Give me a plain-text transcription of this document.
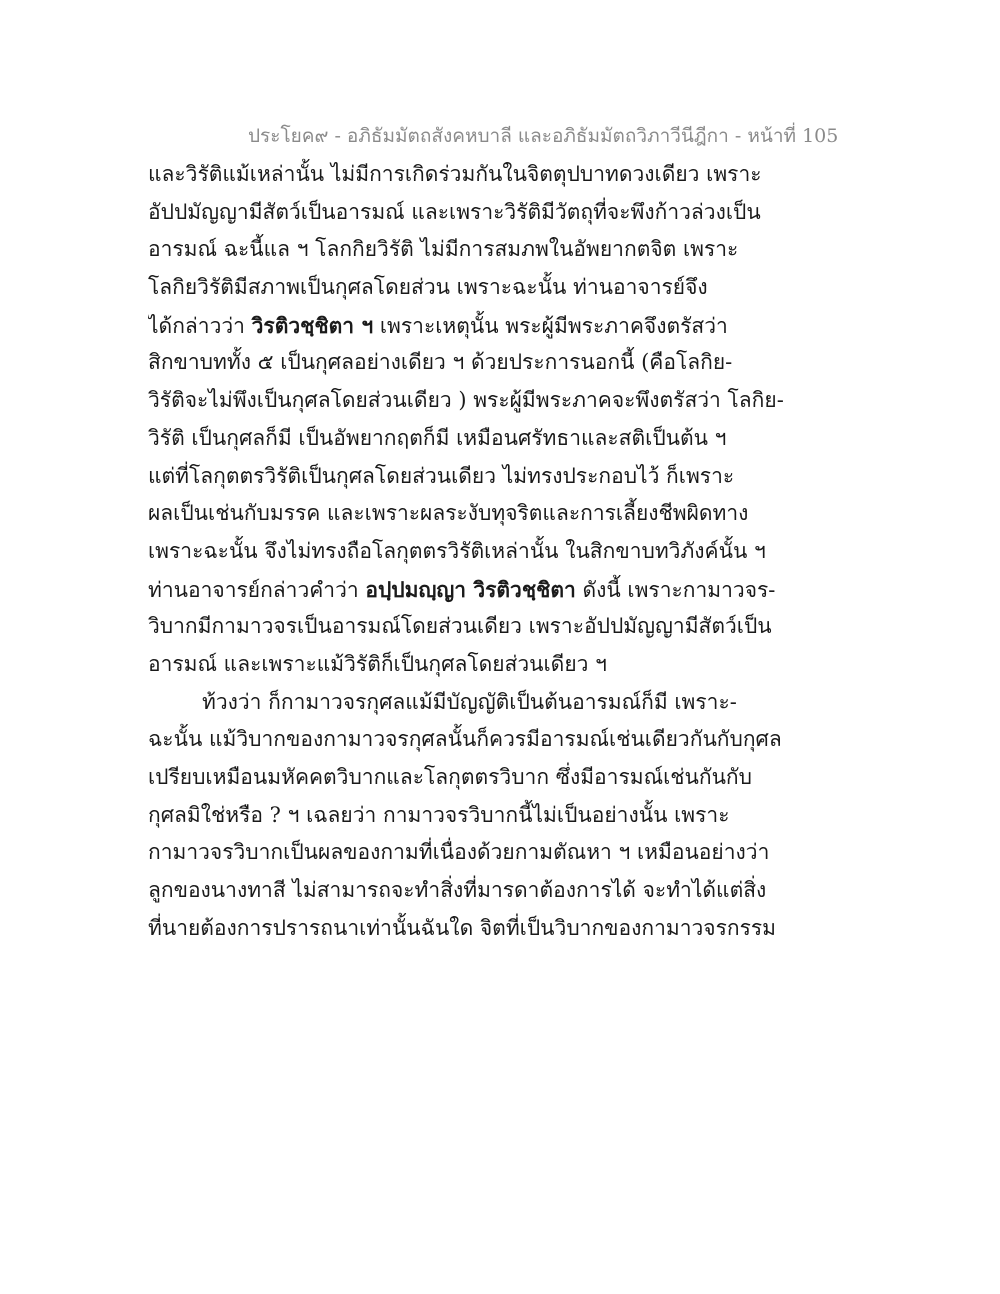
ประโยค๙ - อภิธัมมัตถสังคหบาลี และอภิธัมมัตถวิภาวีนีฎีกา - หน้าที่ 105
และวิรัติแม้เหล่านั้น ไม่มีการเกิดร่วมกันในจิตตุปบาทดวงเดียว เพราะ
อัปปมัญญามีสัตว์เป็นอารมณ์ และเพราะวิรัติมีวัตถุที่จะพึงก้าวล่วงเป็น
อารมณ์ ฉะนี้แล ฯ โลกกิยวิรัติ ไม่มีการสมภพในอัพยากตจิต เพราะ
โลกิยวิรัติมีสภาพเป็นกุศลโดยส่วน เพราะฉะนั้น ท่านอาจารย์จึง
ได้กล่าวว่า วิรติวชฺชิตา ฯ เพราะเหตุนั้น พระผู้มีพระภาคจึงตรัสว่า
สิกขาบททั้ง ๕ เป็นกุศลอย่างเดียว ฯ ด้วยประการนอกนี้ (คือโลกิย-
วิรัติจะไม่พึงเป็นกุศลโดยส่วนเดียว ) พระผู้มีพระภาคจะพึงตรัสว่า โลกิย-
วิรัติ เป็นกุศลก็มี เป็นอัพยากฤตก็มี เหมือนศรัทธาและสติเป็นต้น ฯ
แต่ที่โลกุตตรวิรัติเป็นกุศลโดยส่วนเดียว ไม่ทรงประกอบไว้ ก็เพราะ
ผลเป็นเช่นกับมรรค และเพราะผลระงับทุจริตและการเลี้ยงชีพผิดทาง
เพราะฉะนั้น จึงไม่ทรงถือโลกุตตรวิรัติเหล่านั้น ในสิกขาบทวิภังค์นั้น ฯ
ท่านอาจารย์กล่าวคำว่า อปฺปมญฺญา วิรติวชฺชิตา ดังนี้ เพราะกามาวจร-
วิบากมีกามาวจรเป็นอารมณ์โดยส่วนเดียว เพราะอัปปมัญญามีสัตว์เป็น
อารมณ์ และเพราะแม้วิรัติก็เป็นกุศลโดยส่วนเดียว ฯ
ท้วงว่า ก็กามาวจรกุศลแม้มีบัญญัติเป็นต้นอารมณ์ก็มี เพราะ-
ฉะนั้น แม้วิบากของกามาวจรกุศลนั้นก็ควรมีอารมณ์เช่นเดียวกันกับกุศล
เปรียบเหมือนมหัคคตวิบากและโลกุตตรวิบาก ซึ่งมีอารมณ์เช่นกันกับ
กุศลมิใช่หรือ ? ฯ เฉลยว่า กามาวจรวิบากนี้ไม่เป็นอย่างนั้น เพราะ
กามาวจรวิบากเป็นผลของกามที่เนื่องด้วยกามตัณหา ฯ เหมือนอย่างว่า
ลูกของนางทาสี ไม่สามารถจะทำสิ่งที่มารดาต้องการได้ จะทำได้แต่สิ่ง
ที่นายต้องการปรารถนาเท่านั้นฉันใด จิตที่เป็นวิบากของกามาวจรกรรม
